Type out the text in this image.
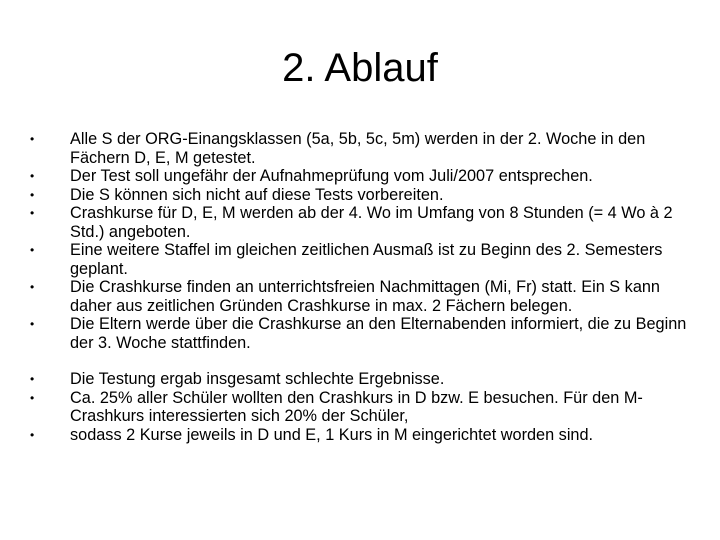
2. Ablauf
•	Alle S der ORG-Einangsklassen (5a, 5b, 5c, 5m) werden in der 2. Woche in den Fächern D, E, M getestet.
•	Der Test soll ungefähr der Aufnahmeprüfung vom Juli/2007 entsprechen.
•	Die S können sich nicht auf diese Tests vorbereiten.
•	Crashkurse für D, E, M werden ab der 4. Wo im Umfang von 8 Stunden (= 4 Wo à 2 Std.) angeboten.
•	Eine weitere Staffel im gleichen zeitlichen Ausmaß ist zu Beginn des 2. Semesters geplant.
•	Die Crashkurse finden an unterrichtsfreien Nachmittagen (Mi, Fr) statt. Ein S kann daher aus zeitlichen Gründen Crashkurse in max. 2 Fächern belegen.
•	Die Eltern werde über die Crashkurse an den Elternabenden informiert, die zu Beginn der 3. Woche stattfinden.
•	Die Testung ergab insgesamt schlechte Ergebnisse.
•	Ca. 25% aller Schüler wollten den Crashkurs in D bzw. E besuchen. Für den M-Crashkurs interessierten sich 20% der Schüler,
•	sodass 2 Kurse jeweils in D und E, 1 Kurs in M eingerichtet worden sind.
